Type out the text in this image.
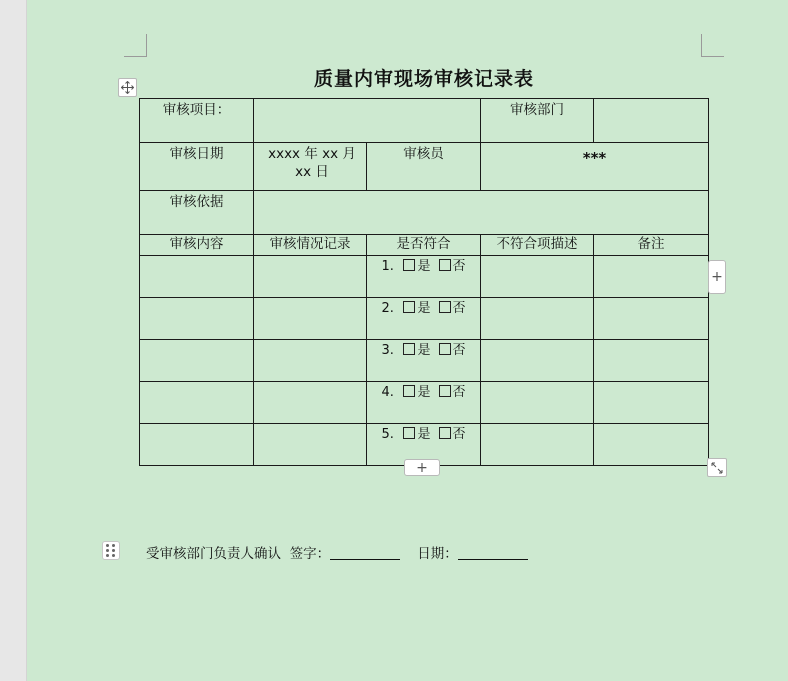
质量内审现场审核记录表
审核项目：			审核部门	
审核日期	xxxx 年 xx 月 xx 日	审核员	***	
审核依据				
审核内容	审核情况记录	是否符合	不符合项描述	备注
		1. 是 否		
		2. 是 否		
		3. 是 否		
		4. 是 否		
		5. 是 否		
+
+
受审核部门负责人确认 签字：	日期：
